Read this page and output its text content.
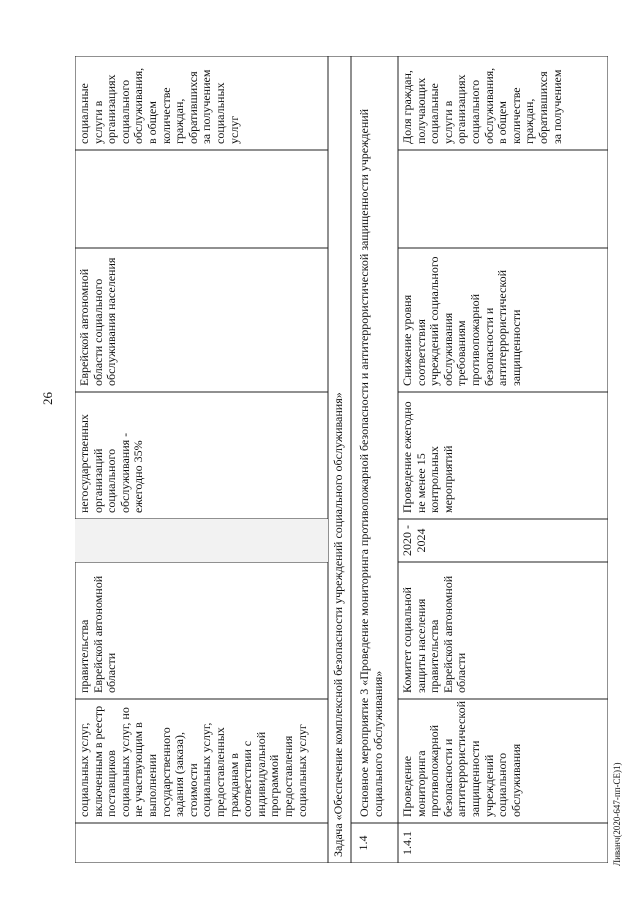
26
Ливанч(2020-647-пп-СЕ)1)
социальных услуг, включенным в реестр поставщиков социальных услуг, но не участвующим в выполнении государственного задания (заказа), стоимости социальных услуг, предоставленных гражданам в соответствии с индивидуальной программой предоставления социальных услуг
правительства Еврейской автономной области
негосударственных организаций социального обслуживания - ежегодно 35%
Еврейской автономной области социального обслуживания населения
социальные услуги в организациях социального обслуживания, в общем количестве граждан, обратившихся за получением социальных услуг
Задача «Обеспечение комплексной безопасности учреждений социального обслуживания» 1.4
Основное мероприятие 3 «Проведение мониторинга противопожарной безопасности и антитеррористической защищенности учреждений социального обслуживания»
1.4.1
Проведение мониторинга противопожарной безопасности и антитеррористической защищенности учреждений социального обслуживания
Комитет социальной защиты населения правительства Еврейской автономной области
2020 - 2024
Проведение ежегодно не менее 15 контрольных мероприятий
Снижение уровня соответствия учреждений социального обслуживания требованиям противопожарной безопасности и антитеррористической защищенности
Доля граждан, получающих социальные услуги в организациях социального обслуживания, в общем количестве граждан, обратившихся за получением
